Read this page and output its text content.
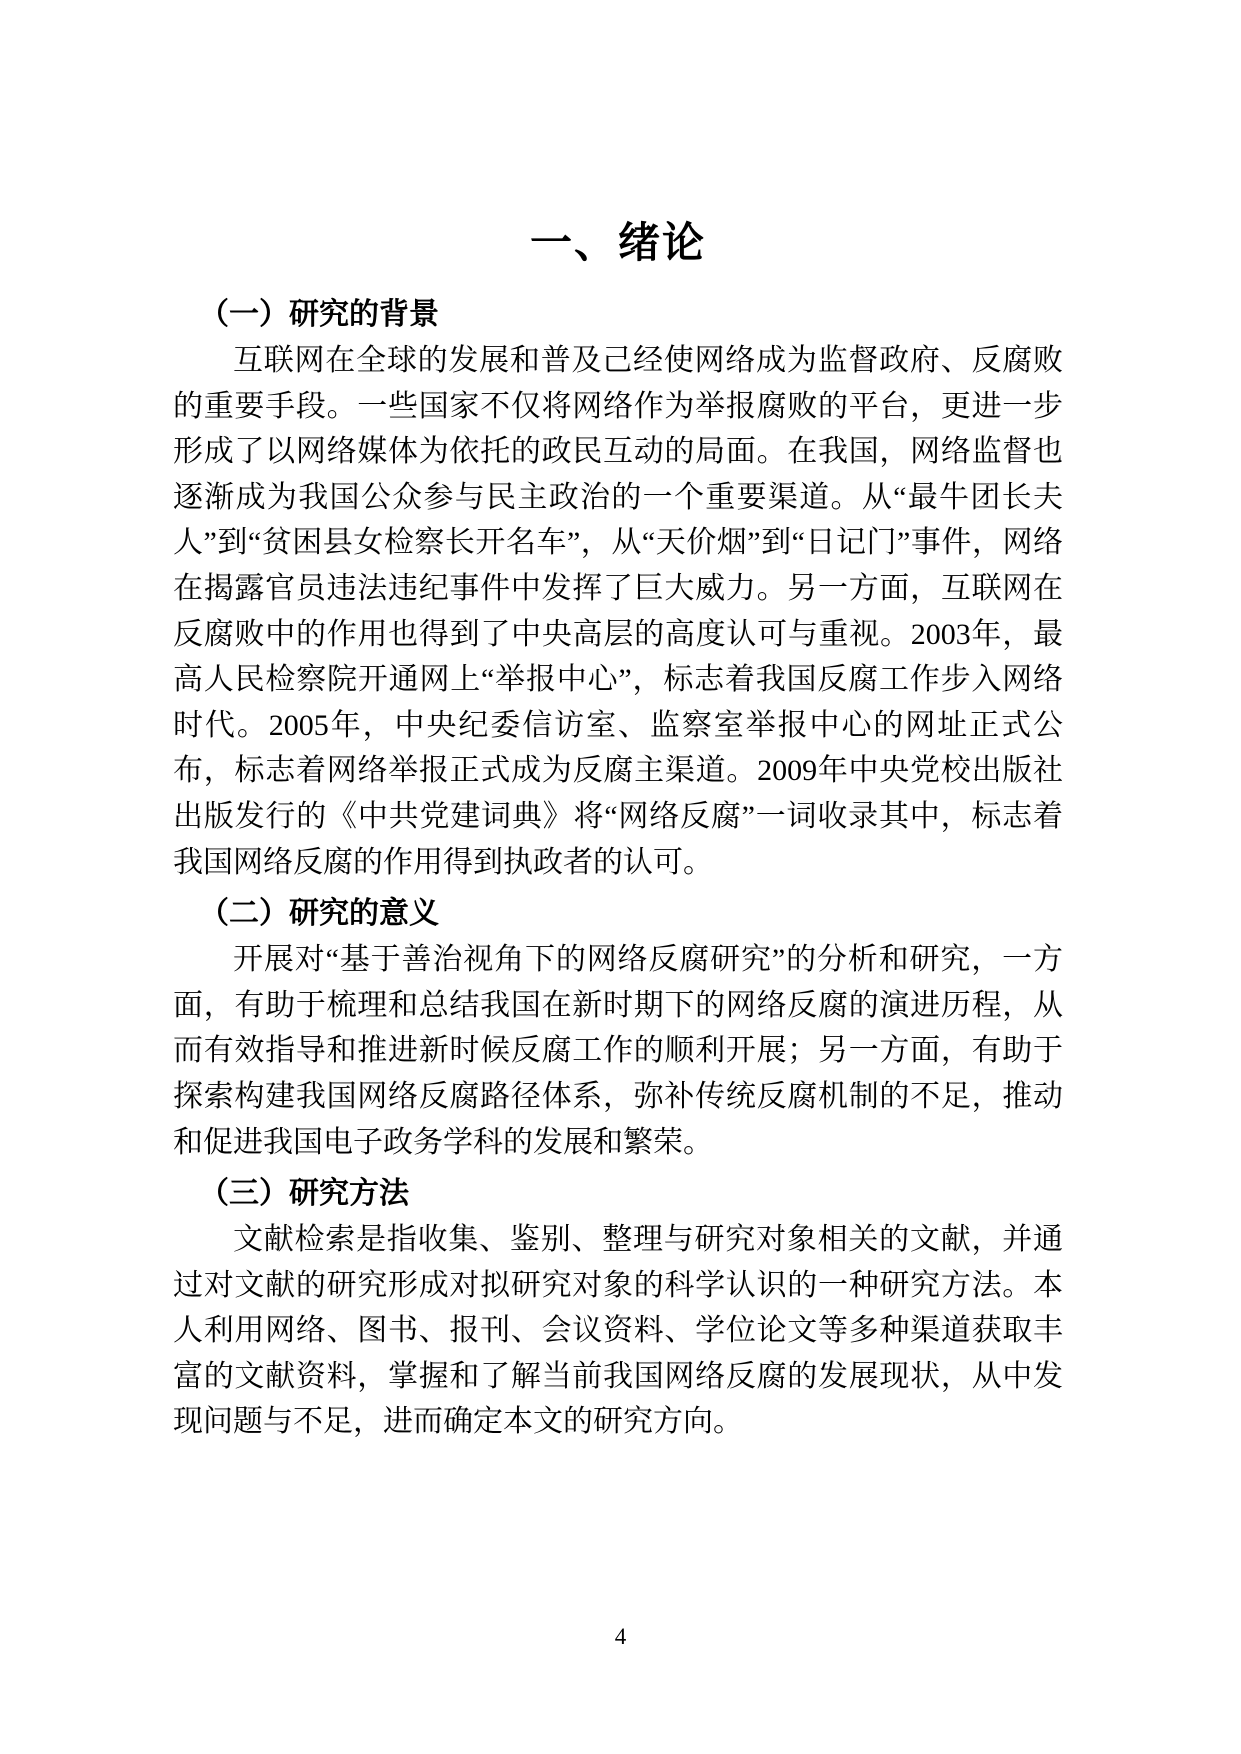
一、绪论
（一）研究的背景

互联网在全球的发展和普及己经使网络成为监督政府、反腐败的重要手段。一些国家不仅将网络作为举报腐败的平台，更进一步形成了以网络媒体为依托的政民互动的局面。在我国，网络监督也逐渐成为我国公众参与民主政治的一个重要渠道。从“最牛团长夫人”到“贫困县女检察长开名车”，从“天价烟”到“日记门”事件，网络在揭露官员违法违纪事件中发挥了巨大威力。另一方面，互联网在反腐败中的作用也得到了中央高层的高度认可与重视。2003年，最高人民检察院开通网上“举报中心”，标志着我国反腐工作步入网络时代。2005年，中央纪委信访室、监察室举报中心的网址正式公布，标志着网络举报正式成为反腐主渠道。2009年中央党校出版社出版发行的《中共党建词典》将“网络反腐”一词收录其中，标志着我国网络反腐的作用得到执政者的认可。

（二）研究的意义

开展对“基于善治视角下的网络反腐研究”的分析和研究，一方面，有助于梳理和总结我国在新时期下的网络反腐的演进历程，从而有效指导和推进新时候反腐工作的顺利开展；另一方面，有助于探索构建我国网络反腐路径体系，弥补传统反腐机制的不足，推动和促进我国电子政务学科的发展和繁荣。

（三）研究方法

文献检索是指收集、鉴别、整理与研究对象相关的文献，并通过对文献的研究形成对拟研究对象的科学认识的一种研究方法。本人利用网络、图书、报刊、会议资料、学位论文等多种渠道获取丰富的文献资料，掌握和了解当前我国网络反腐的发展现状，从中发现问题与不足，进而确定本文的研究方向。

4
